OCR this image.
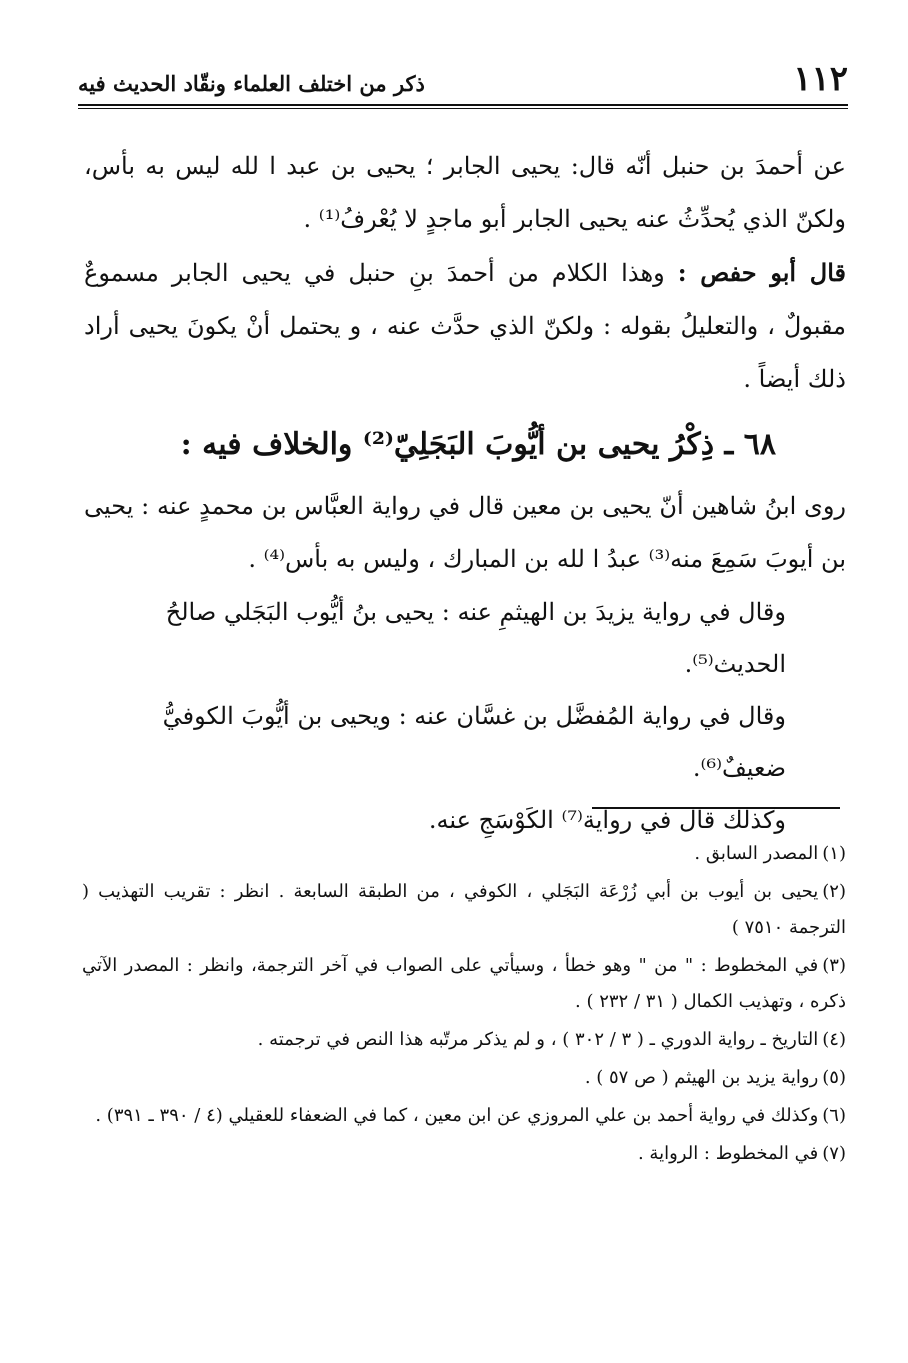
١١٢
ذكر من اختلف العلماء ونقّاد الحديث فيه

عن أحمدَ بن حنبل أنّه قال: يحيى الجابر ؛ يحيى بن عبد ا لله ليس به بأس، ولكنّ الذي يُحدِّثُ عنه يحيى الجابر أبو ماجدٍ لا يُعْرفُ⁽¹⁾ .

قال أبو حفص : وهذا الكلام من أحمدَ بنِ حنبل في يحيى الجابر مسموعٌ مقبولٌ ، والتعليلُ بقوله : ولكنّ الذي حدَّث عنه ، و يحتمل أنْ يكونَ يحيى أراد ذلك أيضاً .

٦٨ ـ ذِكْرُ يحيى بن أيُّوبَ البَجَلِيّ⁽²⁾ والخلاف فيه :

روى ابنُ شاهين أنّ يحيى بن معين قال في رواية العبَّاس بن محمدٍ عنه : يحيى بن أيوبَ سَمِعَ منه⁽³⁾ عبدُ ا لله بن المبارك ، وليس به بأس⁽⁴⁾ .

وقال في رواية يزيدَ بن الهيثمِ عنه : يحيى بنُ أيُّوب البَجَلي صالحُ الحديث⁽⁵⁾.

وقال في رواية المُفضَّل بن غسَّان عنه : ويحيى بن أيُّوبَ الكوفيُّ ضعيفٌ⁽⁶⁾.

وكذلك قال في رواية⁽⁷⁾ الكَوْسَجِ عنه.

(١)المصدر السابق .

(٢)يحيى بن أيوب بن أبي زُرْعَة البَجَلي ، الكوفي ، من الطبقة السابعة . انظر : تقريب التهذيب ( الترجمة ٧٥١٠ )

(٣)في المخطوط : " من " وهو خطأ ، وسيأتي على الصواب في آخر الترجمة، وانظر : المصدر الآتي ذكره ، وتهذيب الكمال ( ٣١ / ٢٣٢ ) .

(٤)التاريخ ـ رواية الدوري ـ ( ٣ / ٣٠٢ ) ، و لم يذكر مرتّبه هذا النص في ترجمته .

(٥)رواية يزيد بن الهيثم ( ص ٥٧ ) .

(٦)وكذلك في رواية أحمد بن علي المروزي عن ابن معين ، كما في الضعفاء للعقيلي (٤ / ٣٩٠ ـ ٣٩١) .

(٧)في المخطوط : الرواية .
